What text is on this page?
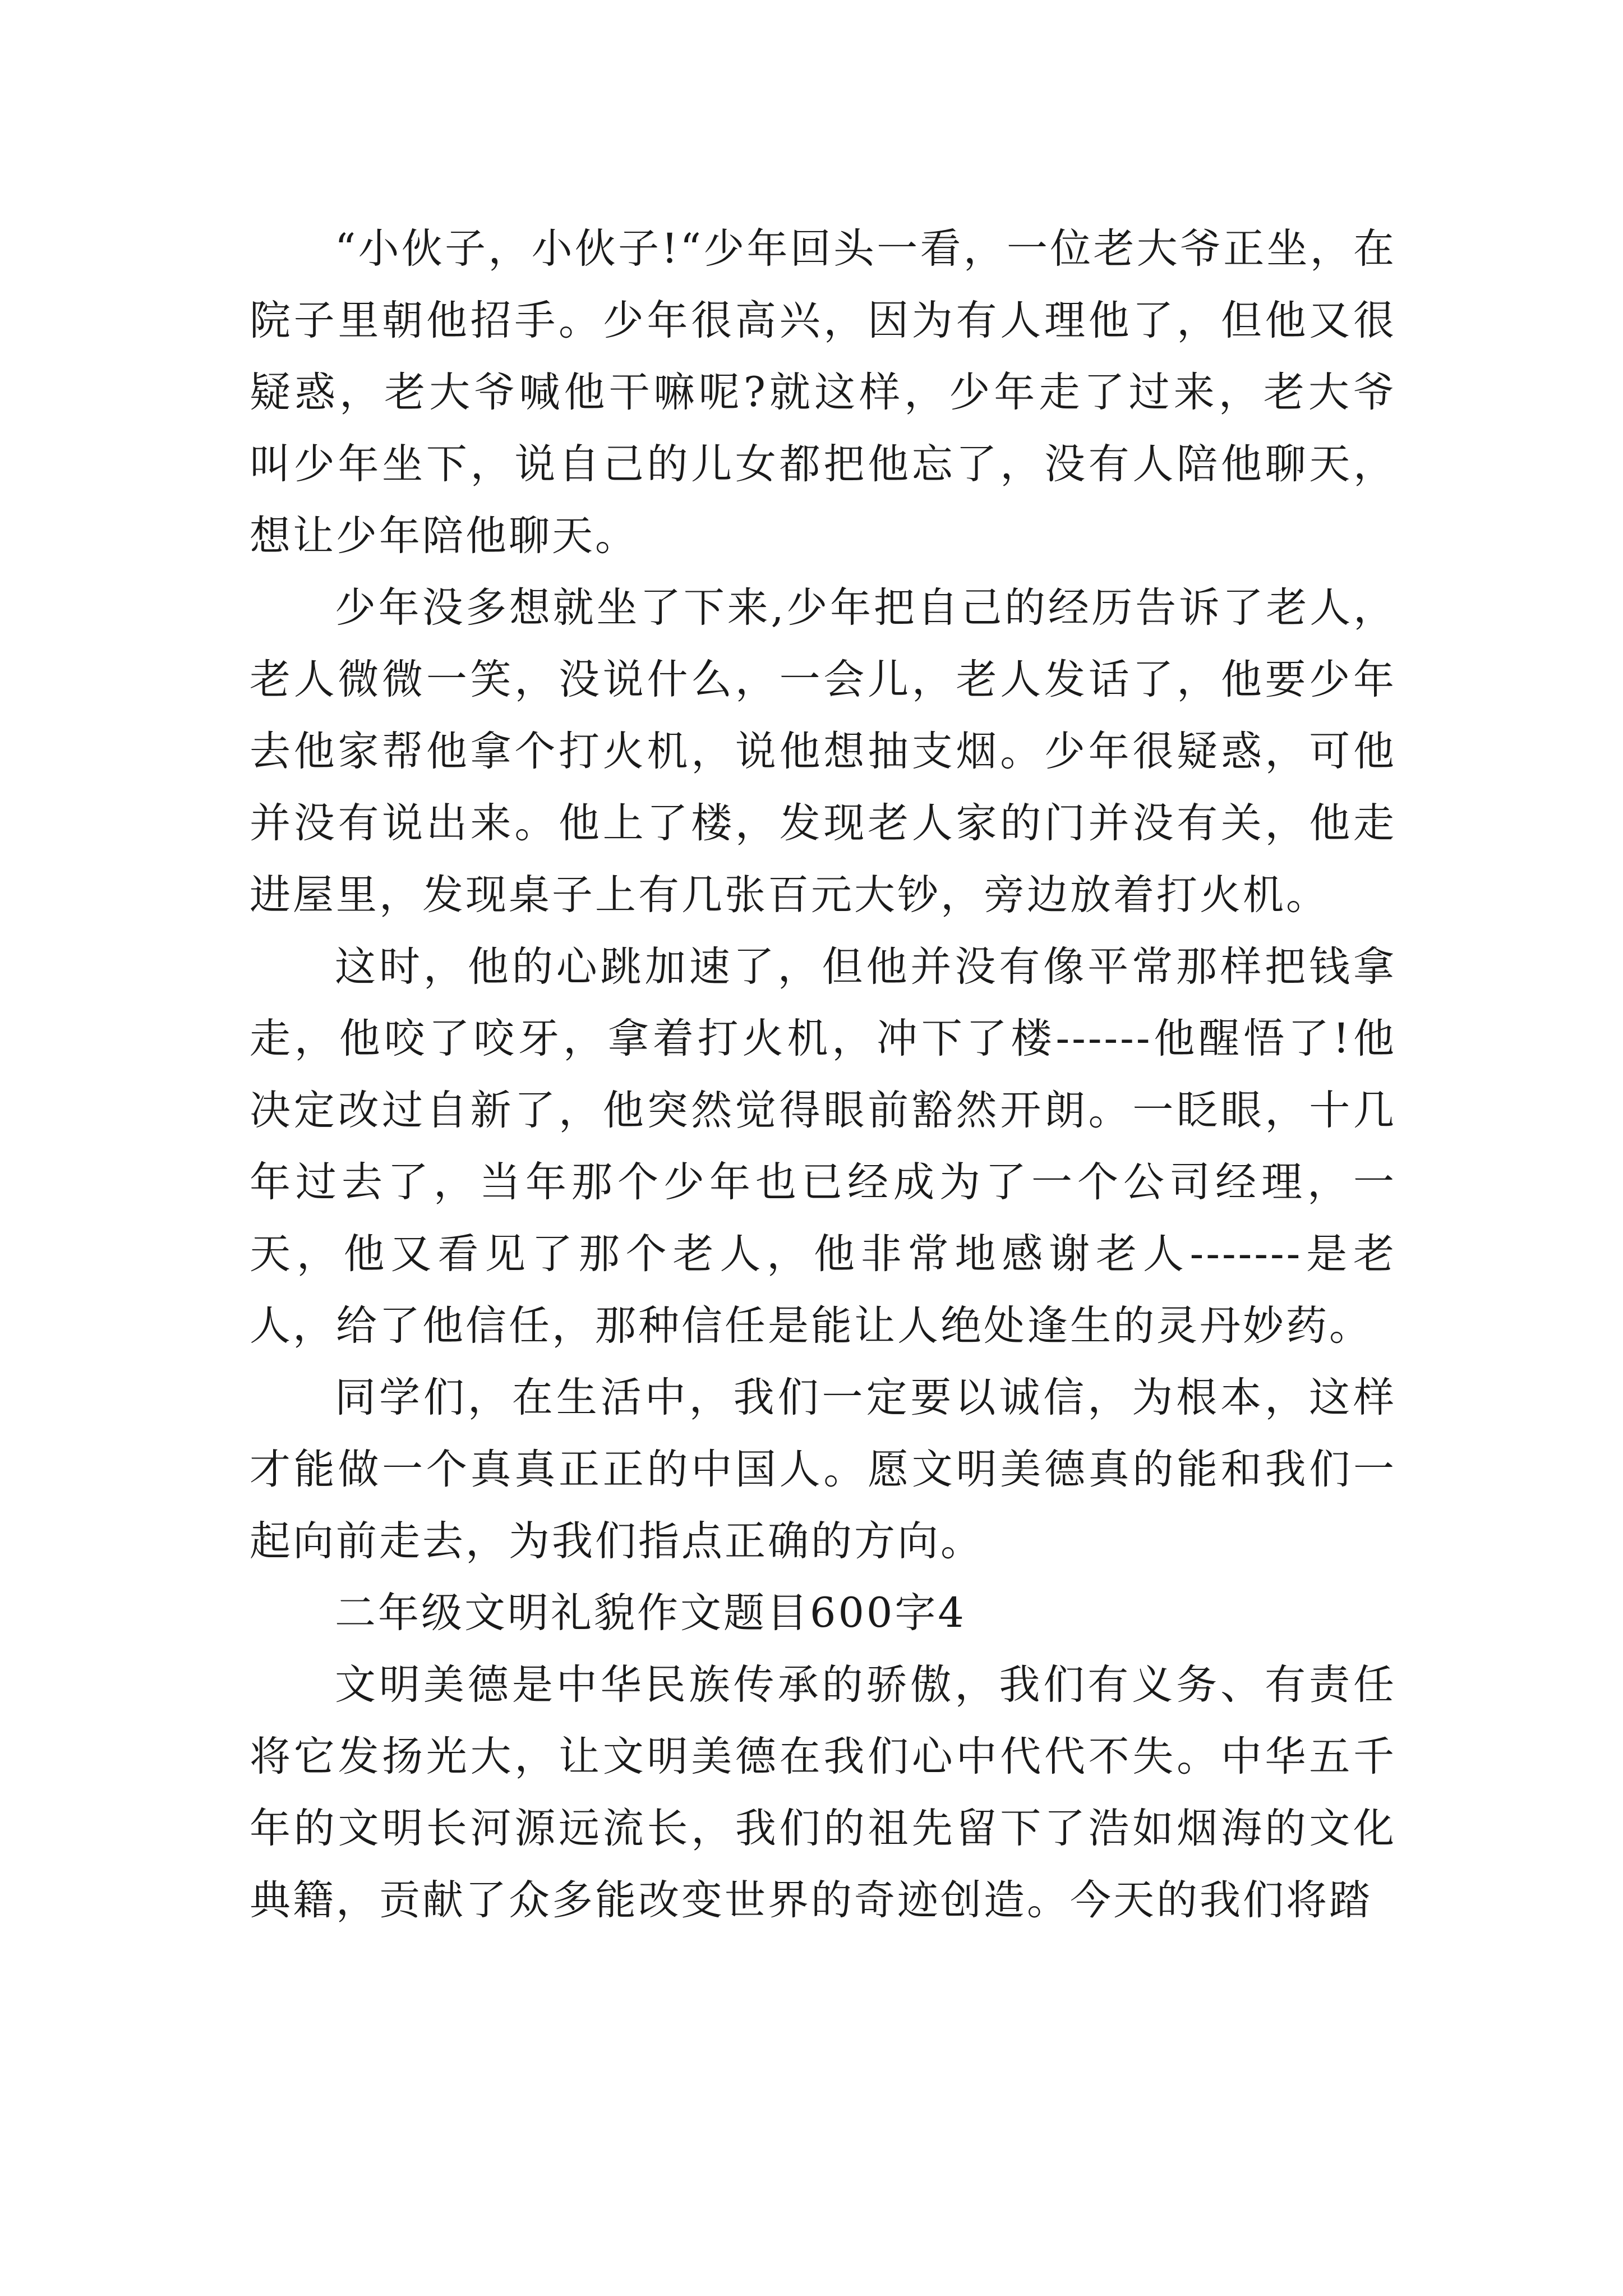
“小伙子，小伙子!“少年回头一看，一位老大爷正坐，在院子里朝他招手。少年很高兴，因为有人理他了，但他又很疑惑，老大爷喊他干嘛呢?就这样，少年走了过来，老大爷叫少年坐下，说自己的儿女都把他忘了，没有人陪他聊天，想让少年陪他聊天。

少年没多想就坐了下来,少年把自己的经历告诉了老人，老人微微一笑，没说什么，一会儿，老人发话了，他要少年去他家帮他拿个打火机，说他想抽支烟。少年很疑惑，可他并没有说出来。他上了楼，发现老人家的门并没有关，他走进屋里，发现桌子上有几张百元大钞，旁边放着打火机。

这时，他的心跳加速了，但他并没有像平常那样把钱拿走，他咬了咬牙，拿着打火机，冲下了楼------他醒悟了!他决定改过自新了，他突然觉得眼前豁然开朗。一眨眼，十几年过去了，当年那个少年也已经成为了一个公司经理，一天，他又看见了那个老人，他非常地感谢老人-------是老人，给了他信任，那种信任是能让人绝处逢生的灵丹妙药。

同学们，在生活中，我们一定要以诚信，为根本，这样才能做一个真真正正的中国人。愿文明美德真的能和我们一起向前走去，为我们指点正确的方向。

二年级文明礼貌作文题目600字4

文明美德是中华民族传承的骄傲，我们有义务、有责任将它发扬光大，让文明美德在我们心中代代不失。中华五千年的文明长河源远流长，我们的祖先留下了浩如烟海的文化典籍，贡献了众多能改变世界的奇迹创造。今天的我们将踏
